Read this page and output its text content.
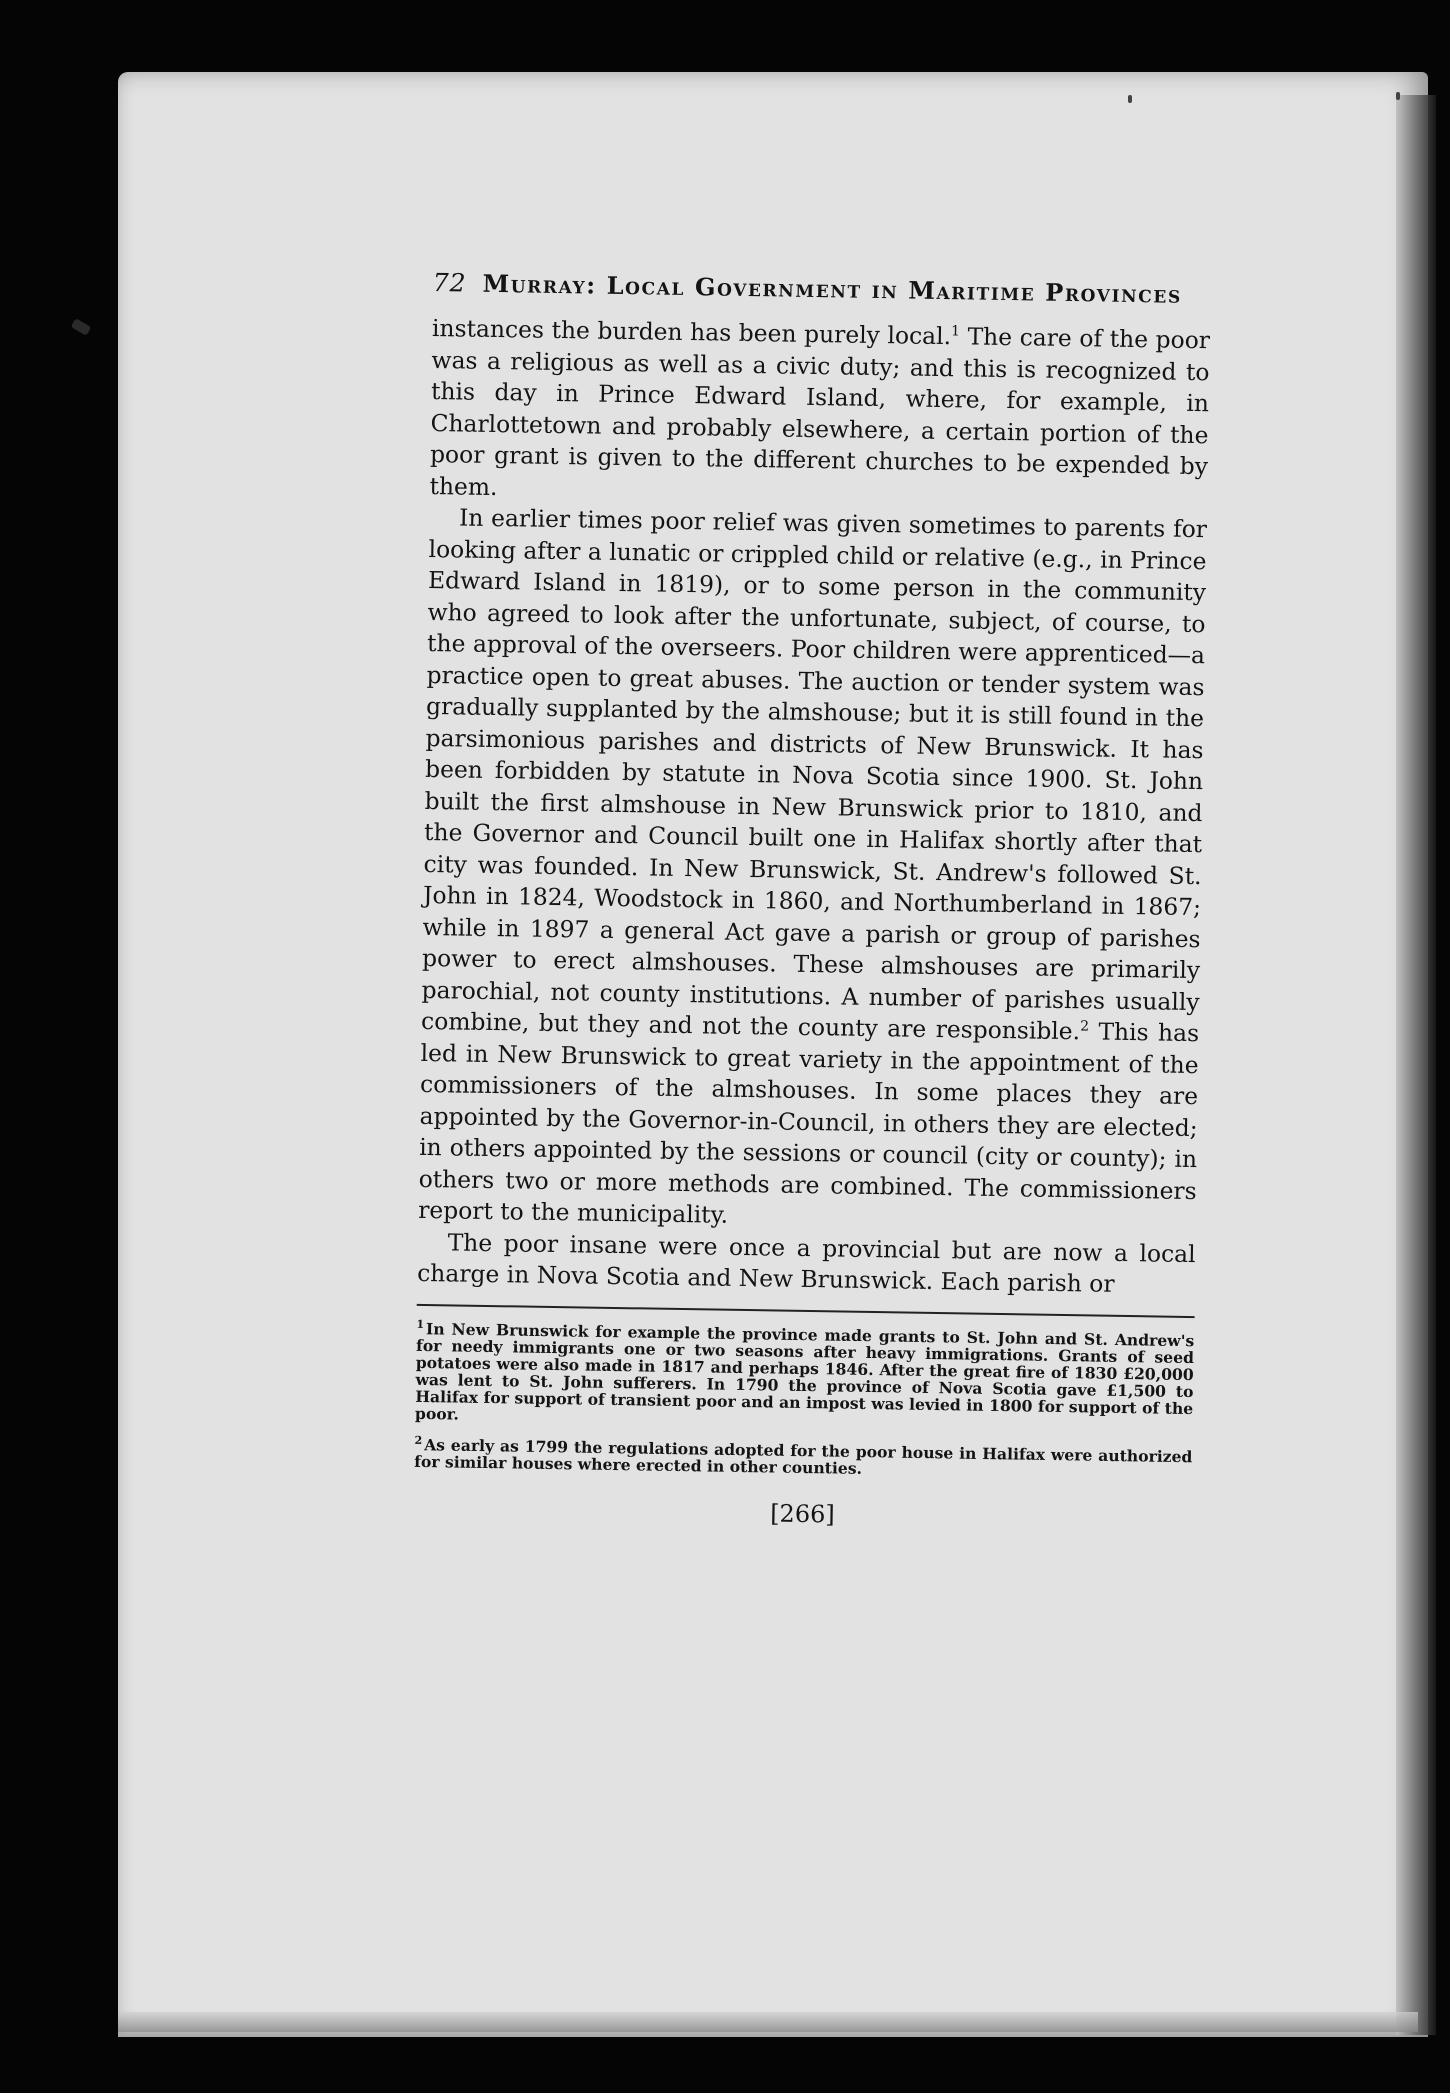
72 Murray: Local Government in Maritime Provinces

instances the burden has been purely local.$^1$ The care of the poor was a religious as well as a civic duty; and this is recognized to this day in Prince Edward Island, where, for example, in Charlottetown and probably elsewhere, a certain portion of the poor grant is given to the different churches to be expended by them.

In earlier times poor relief was given sometimes to parents for looking after a lunatic or crippled child or relative (e.g., in Prince Edward Island in 1819), or to some person in the community who agreed to look after the unfortunate, subject, of course, to the approval of the overseers. Poor children were apprenticed—a practice open to great abuses. The auction or tender system was gradually supplanted by the almshouse; but it is still found in the parsimonious parishes and districts of New Brunswick. It has been forbidden by statute in Nova Scotia since 1900. St. John built the first almshouse in New Brunswick prior to 1810, and the Governor and Council built one in Halifax shortly after that city was founded. In New Brunswick, St. Andrew's followed St. John in 1824, Woodstock in 1860, and Northumberland in 1867; while in 1897 a general Act gave a parish or group of parishes power to erect almshouses. These almshouses are primarily parochial, not county institutions. A number of parishes usually combine, but they and not the county are responsible.$^2$ This has led in New Brunswick to great variety in the appointment of the commissioners of the almshouses. In some places they are appointed by the Governor-in-Council, in others they are elected; in others appointed by the sessions or council (city or county); in others two or more methods are combined. The commissioners report to the municipality.

The poor insane were once a provincial but are now a local charge in Nova Scotia and New Brunswick. Each parish or

$^1$ In New Brunswick for example the province made grants to St. John and St. Andrew's for needy immigrants one or two seasons after heavy immigrations. Grants of seed potatoes were also made in 1817 and perhaps 1846. After the great fire of 1830 £20,000 was lent to St. John sufferers. In 1790 the province of Nova Scotia gave £1,500 to Halifax for support of transient poor and an impost was levied in 1800 for support of the poor.

$^2$ As early as 1799 the regulations adopted for the poor house in Halifax were authorized for similar houses where erected in other counties.

[266]
